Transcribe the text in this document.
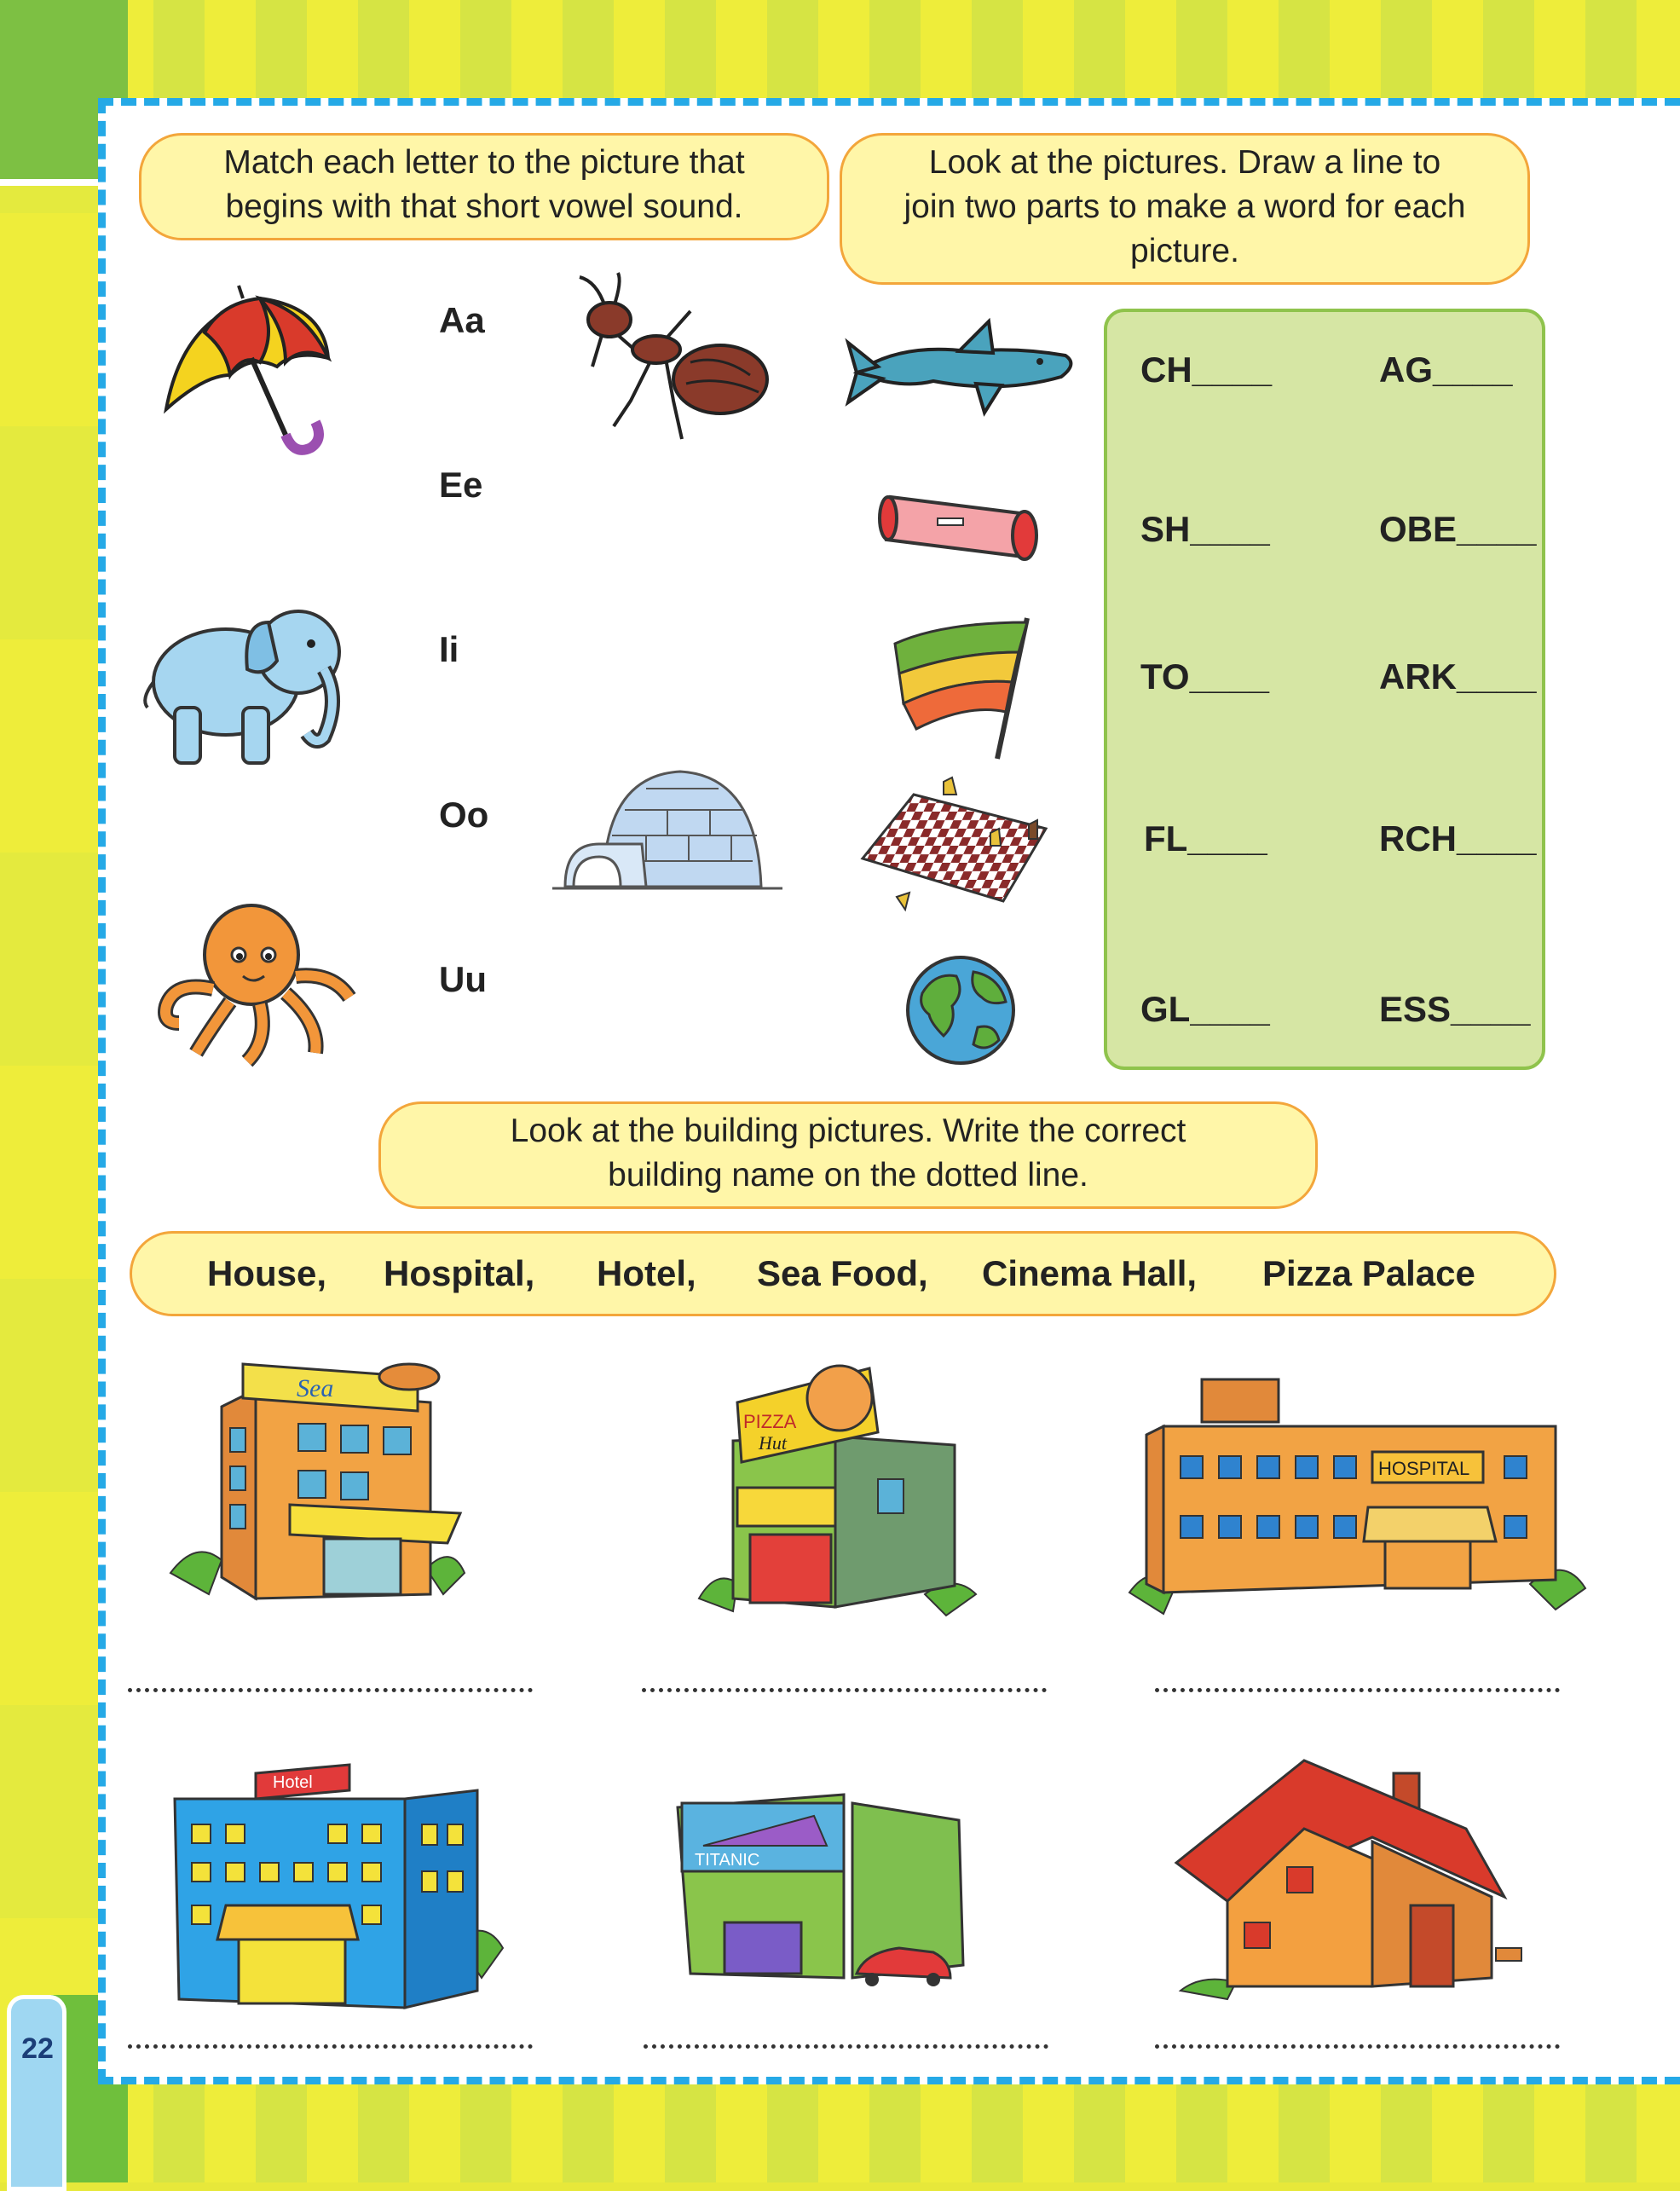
22
Match each letter to the picture that
begins with that short vowel sound.
Look at the pictures. Draw a line to
join two parts to make a word for each
picture.
Aa
Ee
Ii
Oo
Uu
CH____
SH____
TO____
FL____
GL____
AG____
OBE____
ARK____
RCH____
ESS____
Look at the building pictures. Write the correct
building name on the dotted line.
House, Hospital, Hotel, Sea Food, Cinema Hall, Pizza Palace
Sea
PIZZA
Hut
HOSPITAL
Hotel
TITANIC
